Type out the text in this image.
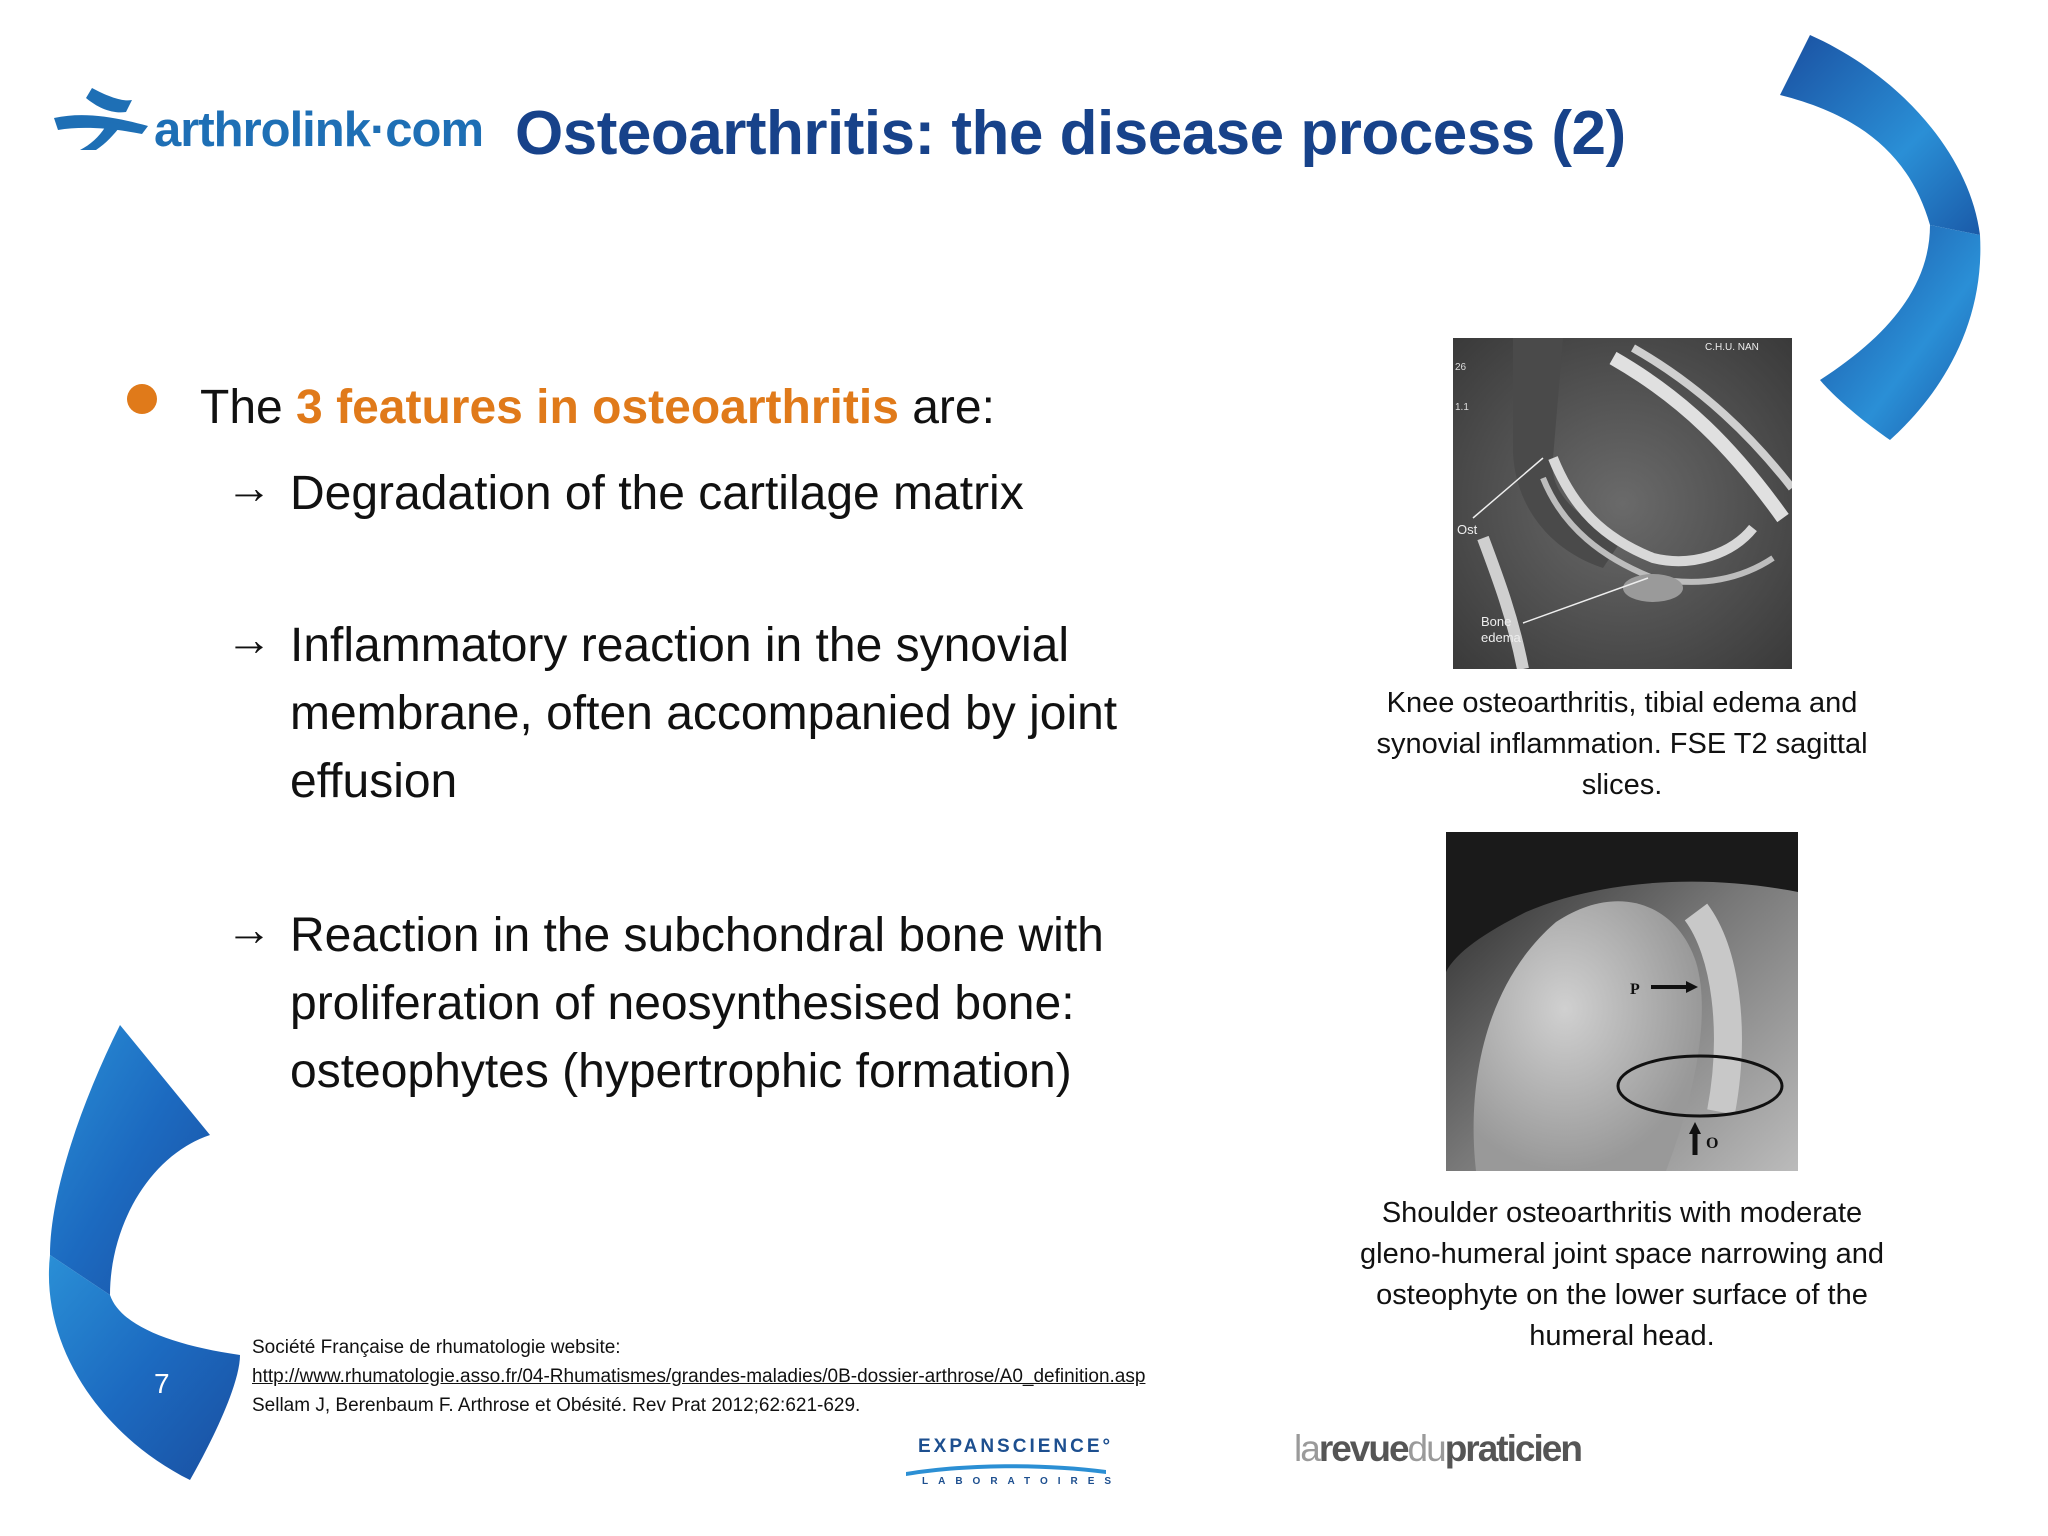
arthrolink·com Osteoarthritis: the disease process (2)
The 3 features in osteoarthritis are:
→ Degradation of the cartilage matrix
→ Inflammatory reaction in the synovial membrane, often accompanied by joint effusion
→ Reaction in the subchondral bone with proliferation of neosynthesised bone: osteophytes (hypertrophic formation)
C.H.U. NAN
26
1.1
Ost
Bone
edema
Knee osteoarthritis, tibial edema and synovial inflammation. FSE T2 sagittal slices.
P
O
Shoulder osteoarthritis with moderate gleno-humeral joint space narrowing and osteophyte on the lower surface of the humeral head.
Société Française de rhumatologie website:
http://www.rhumatologie.asso.fr/04-Rhumatismes/grandes-maladies/0B-dossier-arthrose/A0_definition.asp
Sellam J, Berenbaum F. Arthrose et Obésité. Rev Prat 2012;62:621-629.
7
EXPANSCIENCE°
LABORATOIRES
larevuedupraticien
